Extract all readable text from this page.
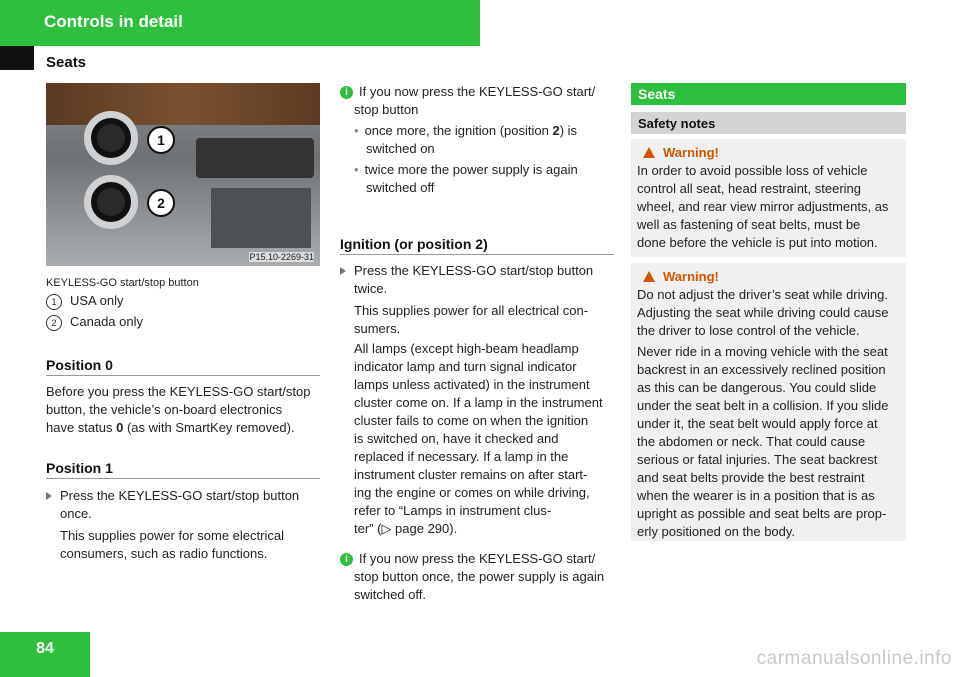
Controls in detail
Seats
1
2
P15.10-2269-31
KEYLESS-GO start/stop button
1 USA only
2 Canada only
Position 0
Before you press the KEYLESS-GO start/stop
button, the vehicle’s on-board electronics
have status 0 (as with SmartKey removed).
Position 1
Press the KEYLESS-GO start/stop button
once.
This supplies power for some electrical
consumers, such as radio functions.
i If you now press the KEYLESS-GO start/
stop button
• once more, the ignition (position 2) is
switched on
• twice more the power supply is again
switched off
Ignition (or position 2)
Press the KEYLESS-GO start/stop button
twice.
This supplies power for all electrical con-
sumers.
All lamps (except high-beam headlamp
indicator lamp and turn signal indicator
lamps unless activated) in the instrument
cluster come on. If a lamp in the instrument
cluster fails to come on when the ignition
is switched on, have it checked and
replaced if necessary. If a lamp in the
instrument cluster remains on after start-
ing the engine or comes on while driving,
refer to “Lamps in instrument clus-
ter” (▷ page 290).
i If you now press the KEYLESS-GO start/
stop button once, the power supply is again
switched off.
Seats
Safety notes
Warning!
In order to avoid possible loss of vehicle
control all seat, head restraint, steering
wheel, and rear view mirror adjustments, as
well as fastening of seat belts, must be
done before the vehicle is put into motion.
Warning!
Do not adjust the driver’s seat while driving.
Adjusting the seat while driving could cause
the driver to lose control of the vehicle.
Never ride in a moving vehicle with the seat
backrest in an excessively reclined position
as this can be dangerous. You could slide
under the seat belt in a collision. If you slide
under it, the seat belt would apply force at
the abdomen or neck. That could cause
serious or fatal injuries. The seat backrest
and seat belts provide the best restraint
when the wearer is in a position that is as
upright as possible and seat belts are prop-
erly positioned on the body.
84	carmanualsonline.info
